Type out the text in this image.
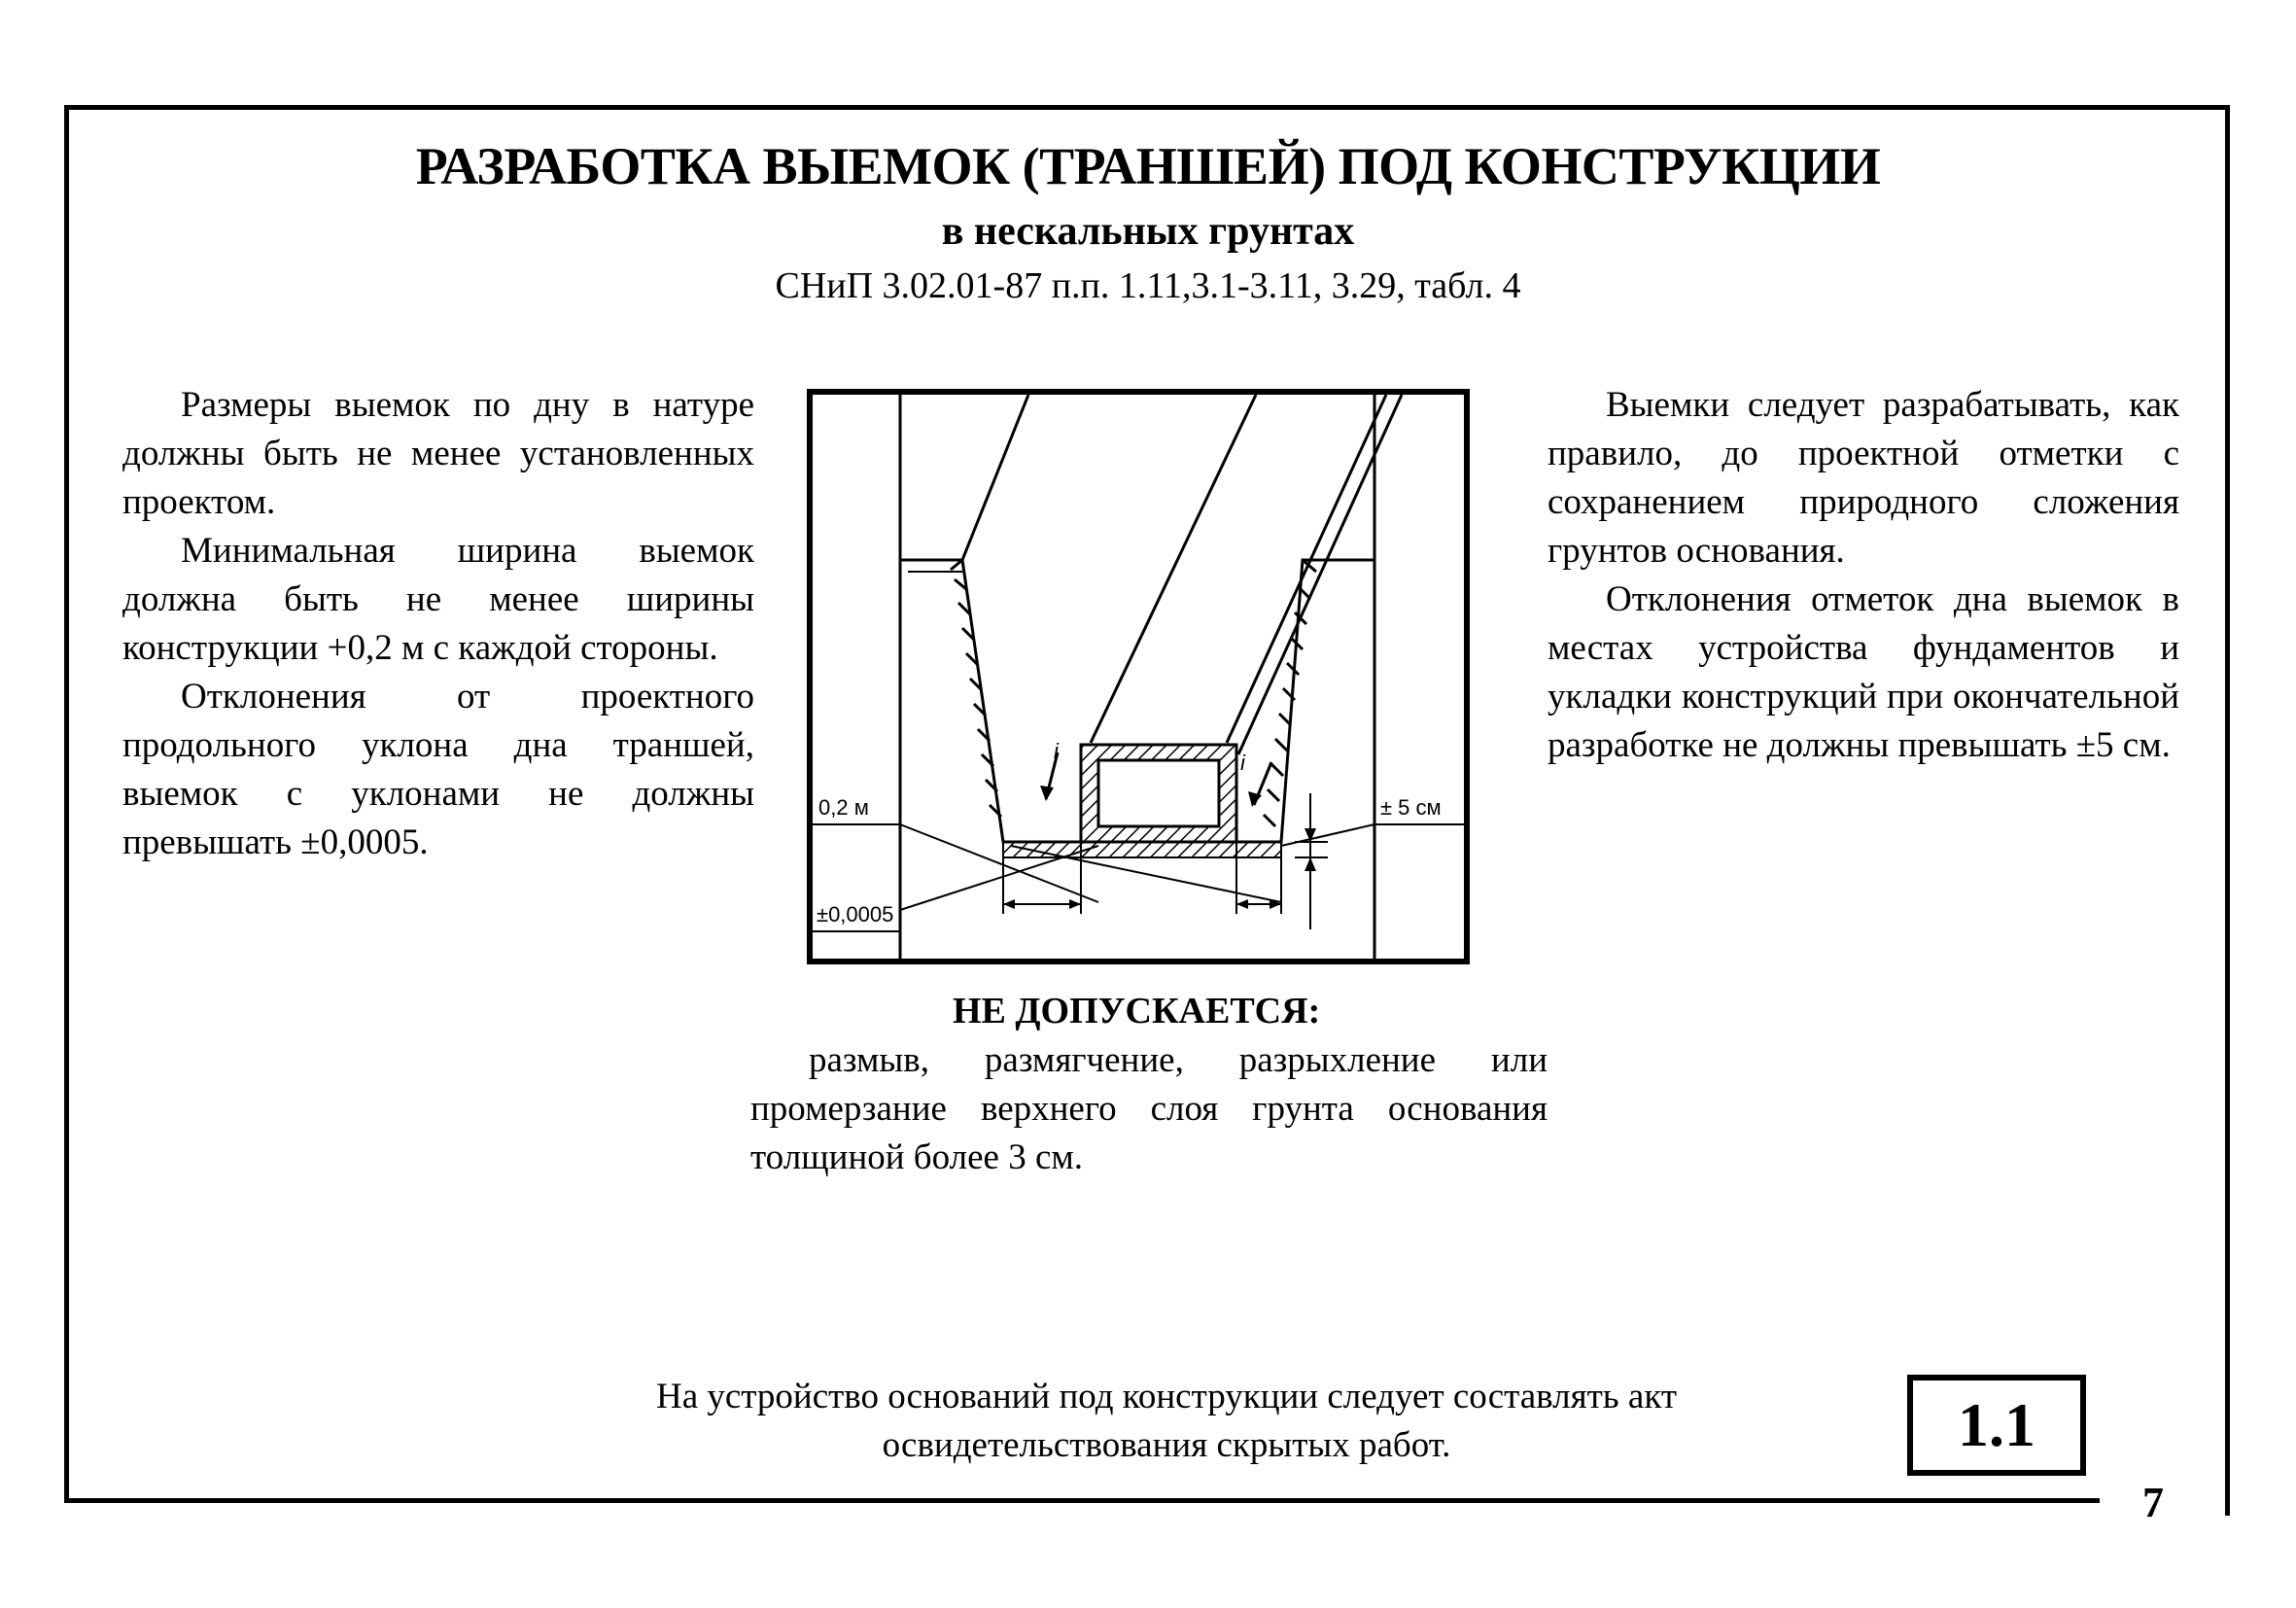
РАЗРАБОТКА ВЫЕМОК (ТРАНШЕЙ) ПОД КОНСТРУКЦИИ
в нескальных грунтах
СНиП 3.02.01-87 п.п. 1.11,3.1-3.11, 3.29, табл. 4

Размеры выемок по дну в натуре должны быть не менее установленных проектом.

Минимальная ширина выемок должна быть не менее ширины конструкции +0,2 м с каждой стороны.

Отклонения от проектного продольного уклона дна траншей, выемок с уклонами не должны превышать ±0,0005.

Выемки следует разрабатывать, как правило, до проектной отметки с сохранением природного сложения грунтов основания.

Отклонения отметок дна выемок в местах устройства фундаментов и укладки конструкций при окончательной разработке не должны превышать ±5 см.

i	i
0,2 м
±0,0005
± 5 см
НЕ ДОПУСКАЕТСЯ:
размыв, размягчение, разрыхление или промерзание верхнего слоя грунта основания толщиной более 3 см.
На устройство оснований под конструкции следует составлять акт освидетельствования скрытых работ.	1.1
7
